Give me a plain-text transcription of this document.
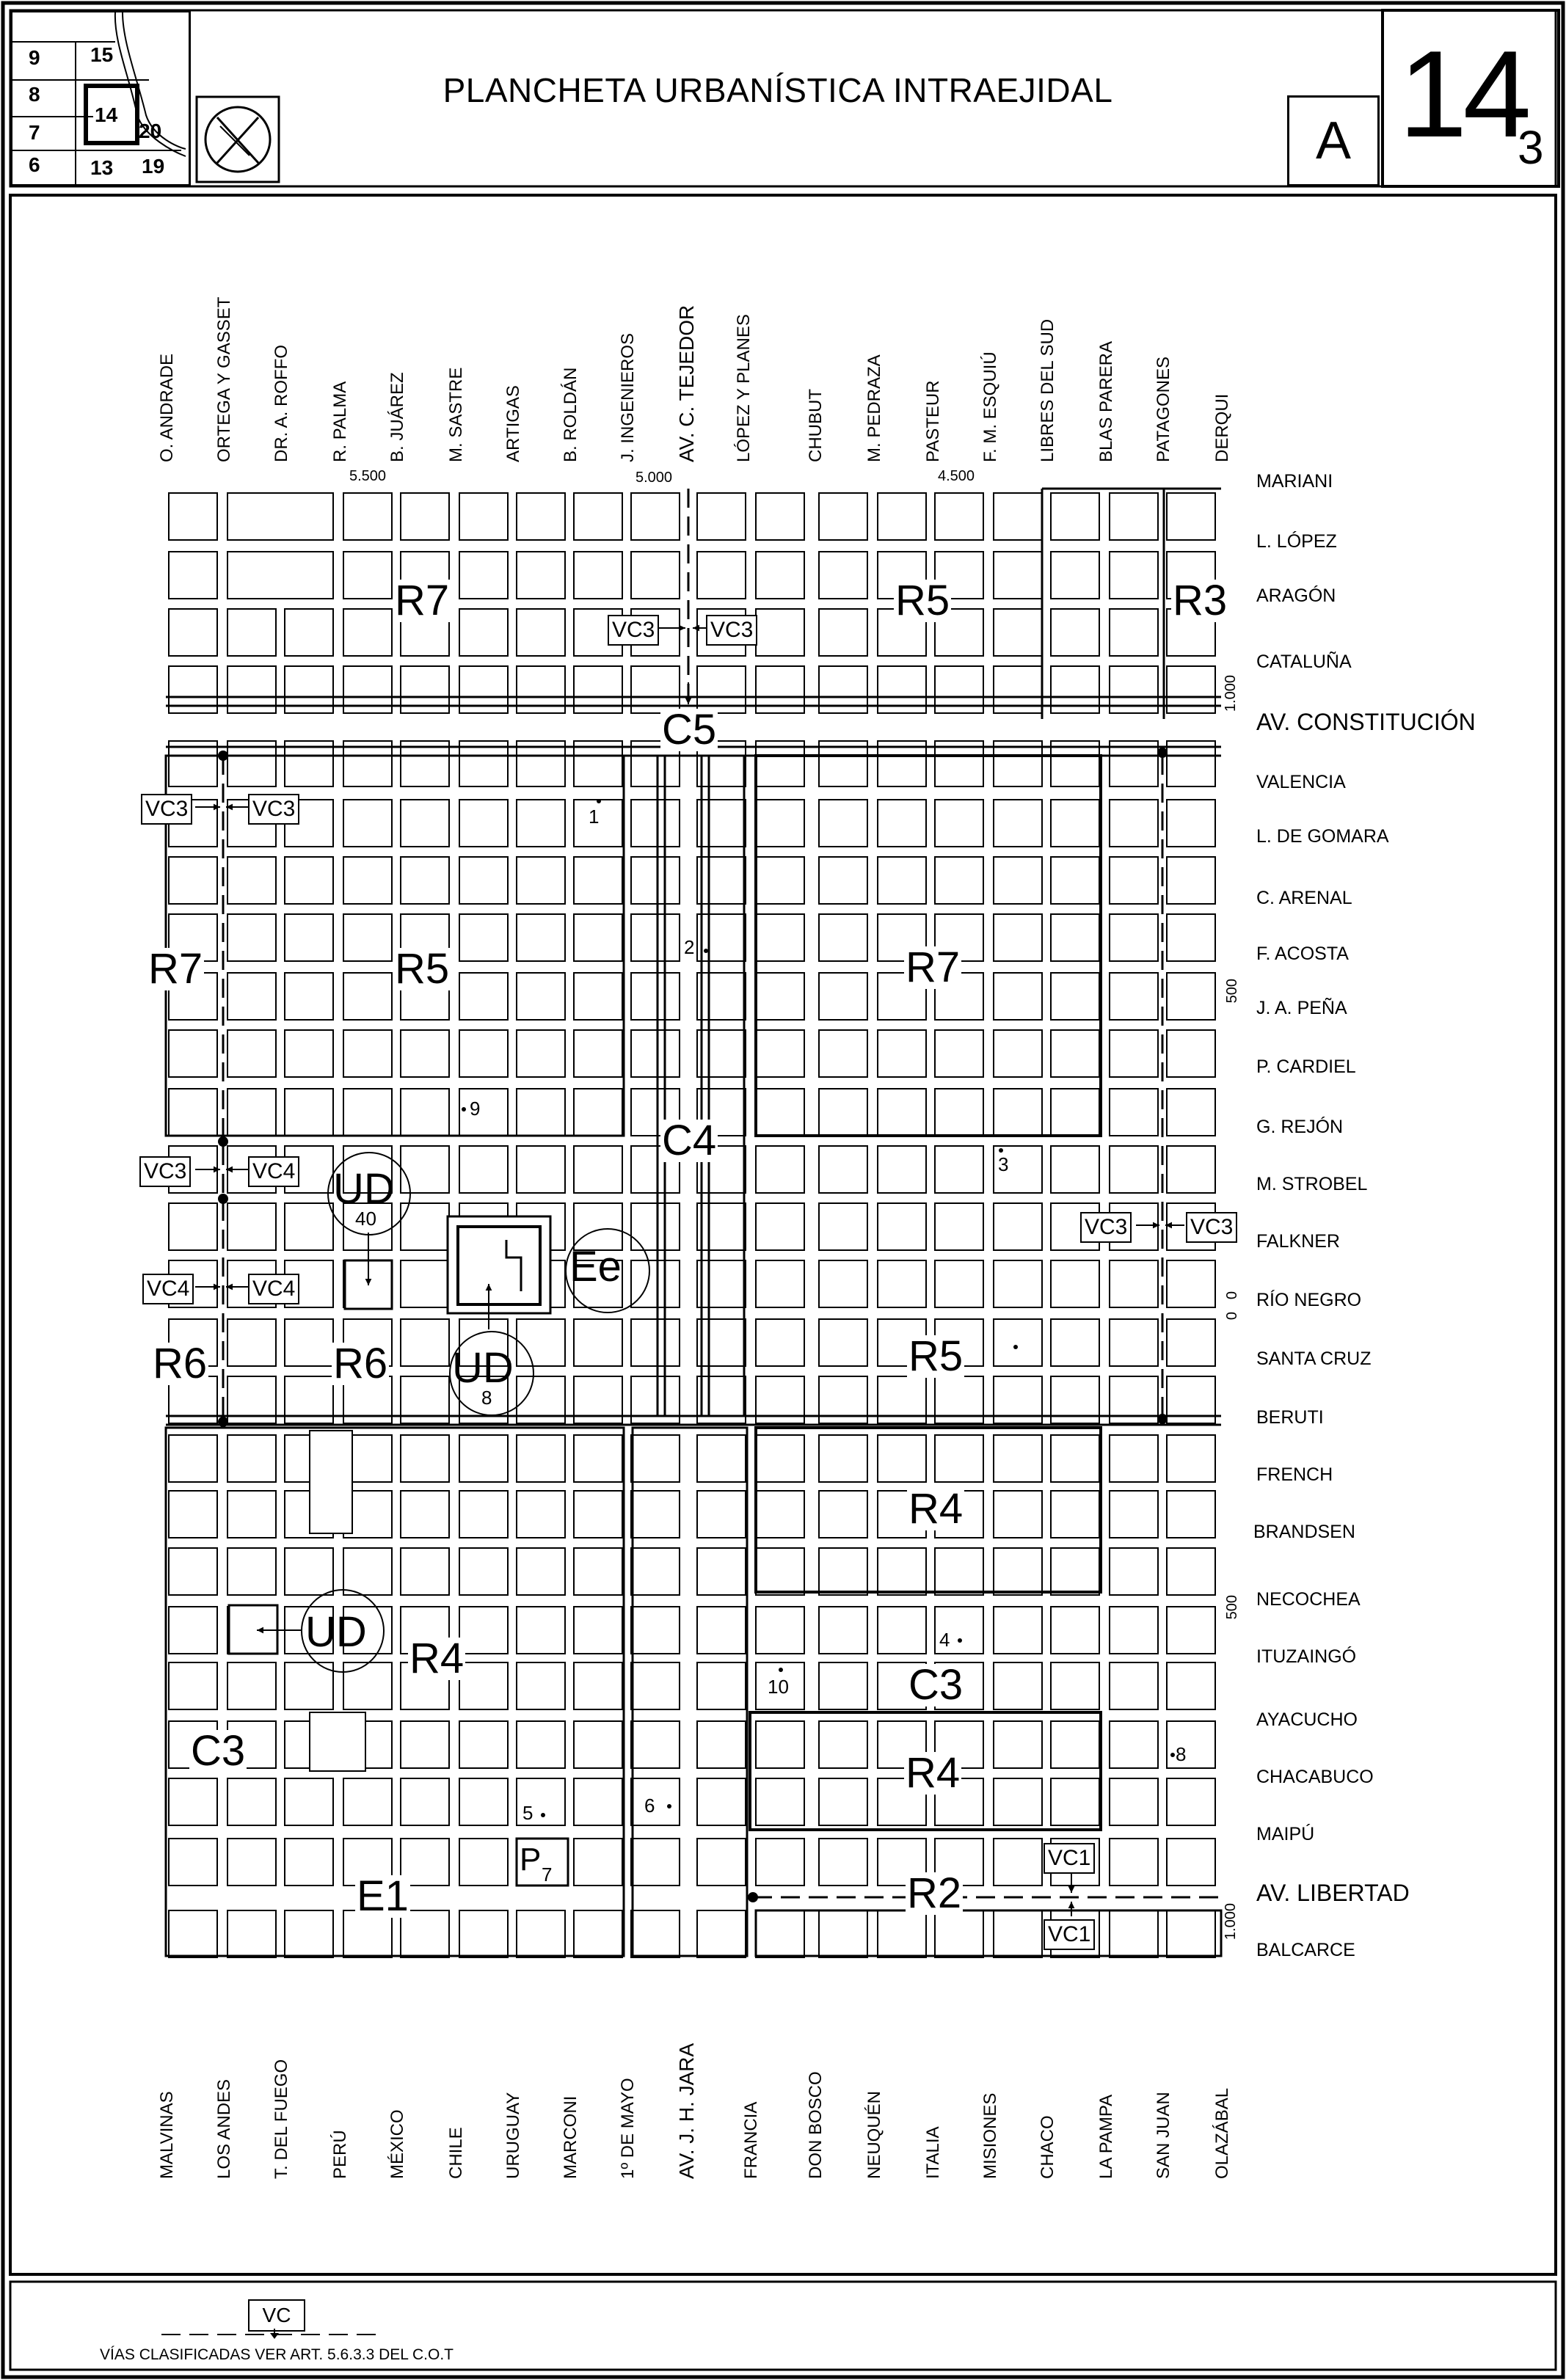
9 15
8
14
20
7
6 13 19
PLANCHETA URBANÍSTICA INTRAEJIDAL
A 14
3
O. ANDRADE ORTEGA Y GASSET DR. A. ROFFO R. PALMA B. JUÁREZ M. SASTRE ARTIGAS B. ROLDÁN J. INGENIEROS AV. C. TEJEDOR LÓPEZ Y PLANES	CHUBUT M. PEDRAZA PASTEUR F. M. ESQUIÚ LIBRES DEL SUD BLAS PARERA PATAGONES DERQUI
MALVINAS LOS ANDES T. DEL FUEGO PERÚ MÉXICO CHILE URUGUAY MARCONI 1º DE MAYO AV. J. H. JARA FRANCIA	DON BOSCO NEUQUÉN ITALIA MISIONES CHACO LA PAMPA SAN JUAN OLAZÁBAL
MARIANI
L. LÓPEZ
ARAGÓN
CATALUÑA
AV. CONSTITUCIÓN
VALENCIA
L. DE GOMARA
C. ARENAL
F. ACOSTA
J. A. PEÑA
P. CARDIEL
G. REJÓN
M. STROBEL
FALKNER
RÍO NEGRO
SANTA CRUZ
BERUTI
FRENCH
BRANDSEN
NECOCHEA
ITUZAINGÓ
AYACUCHO
CHACABUCO
MAIPÚ
AV. LIBERTAD
BALCARCE
5.500	5.000	4.500
1.000
500
0
0
500
1.000
R7	R5	R3
C5
R7	R5	R7
C4
R6	R6	R5
R4
R4
C3
C3	R4
E1	R2
VC3	VC3
VC3	VC3
VC3	VC4
VC4	VC4
VC3	VC3
VC1
VC1
UD
40
Ee
UD
8
UD
P 7
1
2
9
3
4
10
8
5	6
VC
VÍAS CLASIFICADAS VER ART. 5.6.3.3 DEL C.O.T
